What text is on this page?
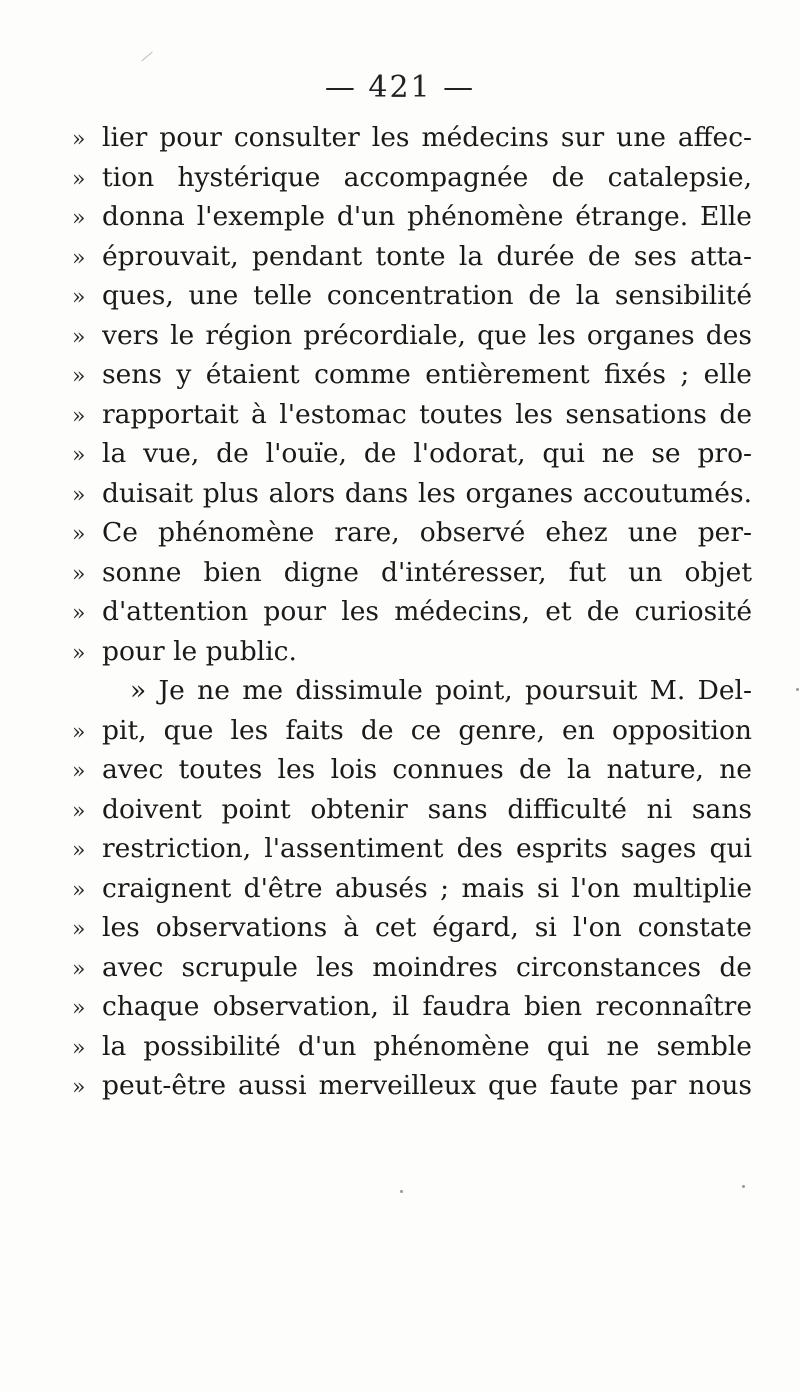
— 421 —
» lier pour consulter les médecins sur une affec-
» tion hystérique accompagnée de catalepsie,
» donna l'exemple d'un phénomène étrange. Elle
» éprouvait, pendant tonte la durée de ses atta-
» ques, une telle concentration de la sensibilité
» vers le région précordiale, que les organes des
» sens y étaient comme entièrement fixés ; elle
» rapportait à l'estomac toutes les sensations de
» la vue, de l'ouïe, de l'odorat, qui ne se pro-
» duisait plus alors dans les organes accoutumés.
» Ce phénomène rare, observé ehez une per-
» sonne bien digne d'intéresser, fut un objet
» d'attention pour les médecins, et de curiosité
» pour le public.
» Je ne me dissimule point, poursuit M. Del-
» pit, que les faits de ce genre, en opposition
» avec toutes les lois connues de la nature, ne
» doivent point obtenir sans difficulté ni sans
» restriction, l'assentiment des esprits sages qui
» craignent d'être abusés ; mais si l'on multiplie
» les observations à cet égard, si l'on constate
» avec scrupule les moindres circonstances de
» chaque observation, il faudra bien reconnaître
» la possibilité d'un phénomène qui ne semble
» peut-être aussi merveilleux que faute par nous
